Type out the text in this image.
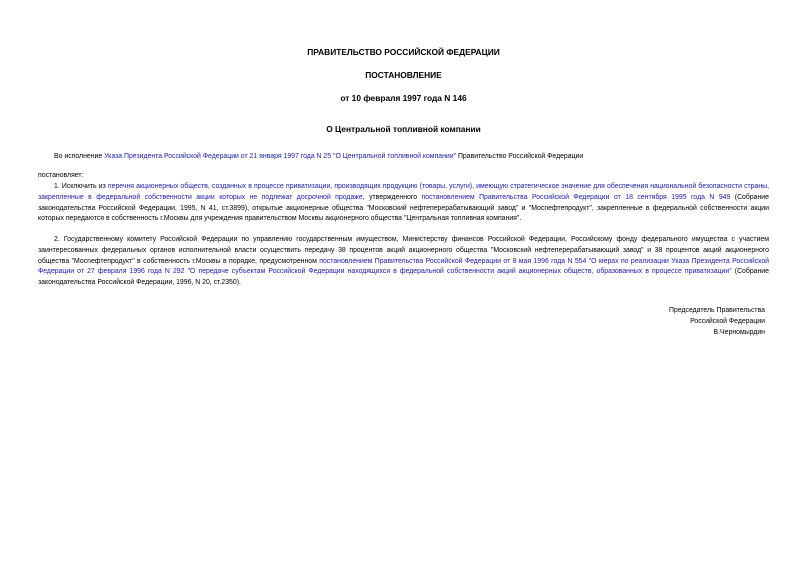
ПРАВИТЕЛЬСТВО РОССИЙСКОЙ ФЕДЕРАЦИИ
ПОСТАНОВЛЕНИЕ
от 10 февраля 1997 года N 146
О Центральной топливной компании
Во исполнение Указа Президента Российской Федерации от 21 января 1997 года N 25 "О Центральной топливной компании" Правительство Российской Федерации
постановляет:
1. Исключить из перечня акционерных обществ, созданных в процессе приватизации, производящих продукцию (товары, услуги), имеющую стратегическое значение для обеспечения национальной безопасности страны, закрепленные в федеральной собственности акции которых не подлежат досрочной продаже, утвержденного постановлением Правительства Российской Федерации от 18 сентября 1995 года N 949 (Собрание законодательства Российской Федерации, 1995, N 41, ст.3899), открытые акционерные общества "Московский нефтеперерабатывающий завод" и "Мосnефтепродукт", закрепленные в федеральной собственности акции которых передаются в собственность г.Москвы для учреждения правительством Москвы акционерного общества "Центральная топливная компания".
2. Государственному комитету Российской Федерации по управлению государственным имуществом, Министерству финансов Российской Федерации, Российскому фонду федерального имущества с участием заинтересованных федеральных органов исполнительной власти осуществить передачу 38 процентов акций акционерного общества "Московский нефтеперерабатывающий завод" и 38 процентов акций акционерного общества "Мосnефтепродукт" в собственность г.Москвы в порядке, предусмотренном постановлением Правительства Российской Федерации от 8 мая 1996 года N 554 "О мерах по реализации Указа Президента Российской Федерации от 27 февраля 1996 года N 292 "О передаче субъектам Российской Федерации находящихся в федеральной собственности акций акционерных обществ, образованных в процессе приватизации" (Собрание законодательства Российской Федерации, 1996, N 20, ст.2350).
Председатель Правительства
Российской Федерации
В.Черномырдин
